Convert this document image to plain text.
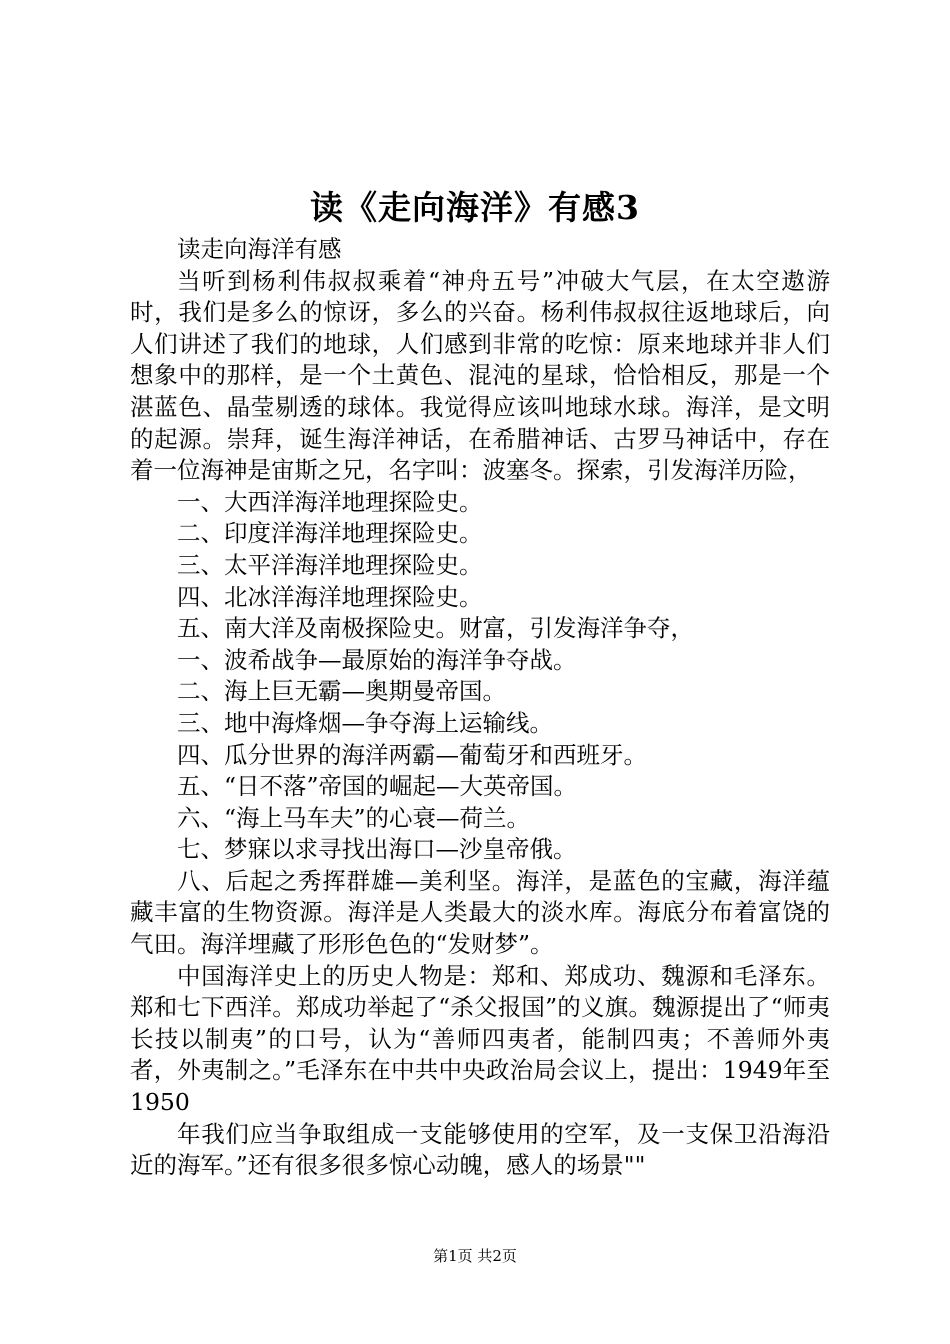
读《走向海洋》有感3

读走向海洋有感

当听到杨利伟叔叔乘着“神舟五号”冲破大气层，在太空遨游时，我们是多么的惊讶，多么的兴奋。杨利伟叔叔往返地球后，向人们讲述了我们的地球，人们感到非常的吃惊：原来地球并非人们想象中的那样，是一个土黄色、混沌的星球，恰恰相反，那是一个湛蓝色、晶莹剔透的球体。我觉得应该叫地球水球。海洋，是文明的起源。崇拜，诞生海洋神话，在希腊神话、古罗马神话中，存在着一位海神是宙斯之兄，名字叫：波塞冬。探索，引发海洋历险，

一、大西洋海洋地理探险史。

二、印度洋海洋地理探险史。

三、太平洋海洋地理探险史。

四、北冰洋海洋地理探险史。

五、南大洋及南极探险史。财富，引发海洋争夺，

一、波希战争—最原始的海洋争夺战。

二、海上巨无霸—奥期曼帝国。

三、地中海烽烟—争夺海上运输线。

四、瓜分世界的海洋两霸—葡萄牙和西班牙。

五、“日不落”帝国的崛起—大英帝国。

六、“海上马车夫”的心衰—荷兰。

七、梦寐以求寻找出海口—沙皇帝俄。

八、后起之秀挥群雄—美利坚。海洋，是蓝色的宝藏，海洋蕴藏丰富的生物资源。海洋是人类最大的淡水库。海底分布着富饶的气田。海洋埋藏了形形色色的“发财梦”。

中国海洋史上的历史人物是：郑和、郑成功、魏源和毛泽东。郑和七下西洋。郑成功举起了“杀父报国”的义旗。魏源提出了“师夷长技以制夷”的口号，认为“善师四夷者，能制四夷；不善师外夷者，外夷制之。”毛泽东在中共中央政治局会议上，提出：1949年至1950

年我们应当争取组成一支能够使用的空军，及一支保卫沿海沿近的海军。”还有很多很多惊心动魄，感人的场景""

第1页 共2页
